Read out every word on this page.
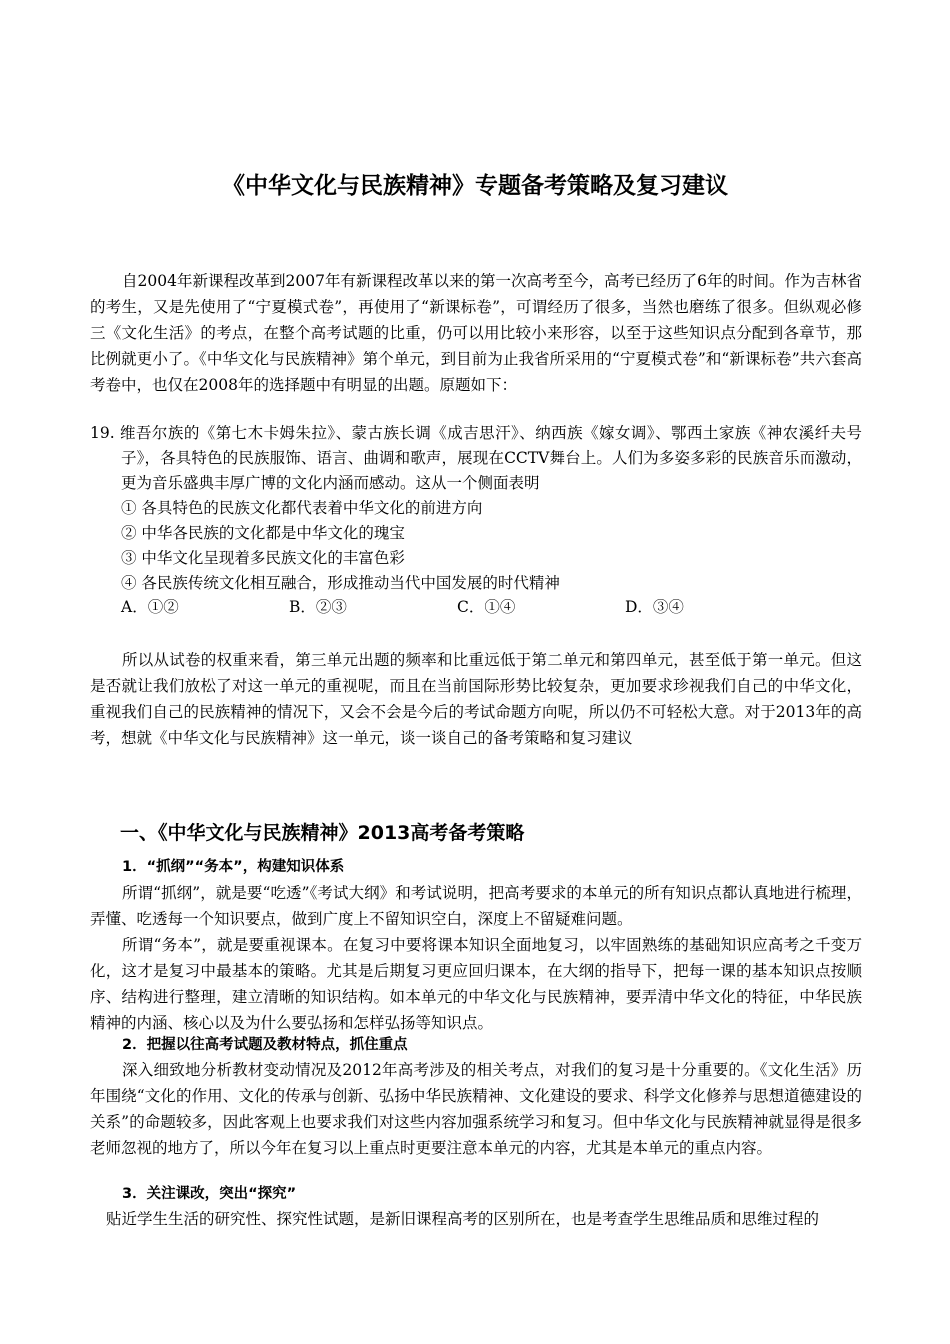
《中华文化与民族精神》专题备考策略及复习建议

自2004年新课程改革到2007年有新课程改革以来的第一次高考至今，高考已经历了6年的时间。作为吉林省的考生，又是先使用了“宁夏模式卷”，再使用了“新课标卷”，可谓经历了很多，当然也磨练了很多。但纵观必修三《文化生活》的考点，在整个高考试题的比重，仍可以用比较小来形容，以至于这些知识点分配到各章节，那比例就更小了。《中华文化与民族精神》第个单元，到目前为止我省所采用的“宁夏模式卷”和“新课标卷”共六套高考卷中，也仅在2008年的选择题中有明显的出题。原题如下：

19. 维吾尔族的《第七木卡姆朱拉》、蒙古族长调《成吉思汗》、纳西族《嫁女调》、鄂西土家族《神农溪纤夫号子》，各具特色的民族服饰、语言、曲调和歌声，展现在CCTV舞台上。人们为多姿多彩的民族音乐而激动，更为音乐盛典丰厚广博的文化内涵而感动。这从一个侧面表明

① 各具特色的民族文化都代表着中华文化的前进方向

② 中华各民族的文化都是中华文化的瑰宝

③ 中华文化呈现着多民族文化的丰富色彩

④ 各民族传统文化相互融合，形成推动当代中国发展的时代精神

A．①②	B．②③	C．①④	D．③④

所以从试卷的权重来看，第三单元出题的频率和比重远低于第二单元和第四单元，甚至低于第一单元。但这是否就让我们放松了对这一单元的重视呢，而且在当前国际形势比较复杂，更加要求珍视我们自己的中华文化，重视我们自己的民族精神的情况下，又会不会是今后的考试命题方向呢，所以仍不可轻松大意。对于2013年的高考，想就《中华文化与民族精神》这一单元，谈一谈自己的备考策略和复习建议

一、《中华文化与民族精神》2013高考备考策略
1．“抓纲”“务本”，构建知识体系

所谓“抓纲”，就是要“吃透”《考试大纲》和考试说明，把高考要求的本单元的所有知识点都认真地进行梳理，弄懂、吃透每一个知识要点，做到广度上不留知识空白，深度上不留疑难问题。

所谓“务本”，就是要重视课本。在复习中要将课本知识全面地复习，以牢固熟练的基础知识应高考之千变万化，这才是复习中最基本的策略。尤其是后期复习更应回归课本，在大纲的指导下，把每一课的基本知识点按顺序、结构进行整理，建立清晰的知识结构。如本单元的中华文化与民族精神，要弄清中华文化的特征，中华民族精神的内涵、核心以及为什么要弘扬和怎样弘扬等知识点。

2．把握以往高考试题及教材特点，抓住重点

深入细致地分析教材变动情况及2012年高考涉及的相关考点，对我们的复习是十分重要的。《文化生活》历年围绕“文化的作用、文化的传承与创新、弘扬中华民族精神、文化建设的要求、科学文化修养与思想道德建设的关系”的命题较多，因此客观上也要求我们对这些内容加强系统学习和复习。但中华文化与民族精神就显得是很多老师忽视的地方了，所以今年在复习以上重点时更要注意本单元的内容，尤其是本单元的重点内容。

3．关注课改，突出“探究”

贴近学生生活的研究性、探究性试题，是新旧课程高考的区别所在，也是考查学生思维品质和思维过程的
